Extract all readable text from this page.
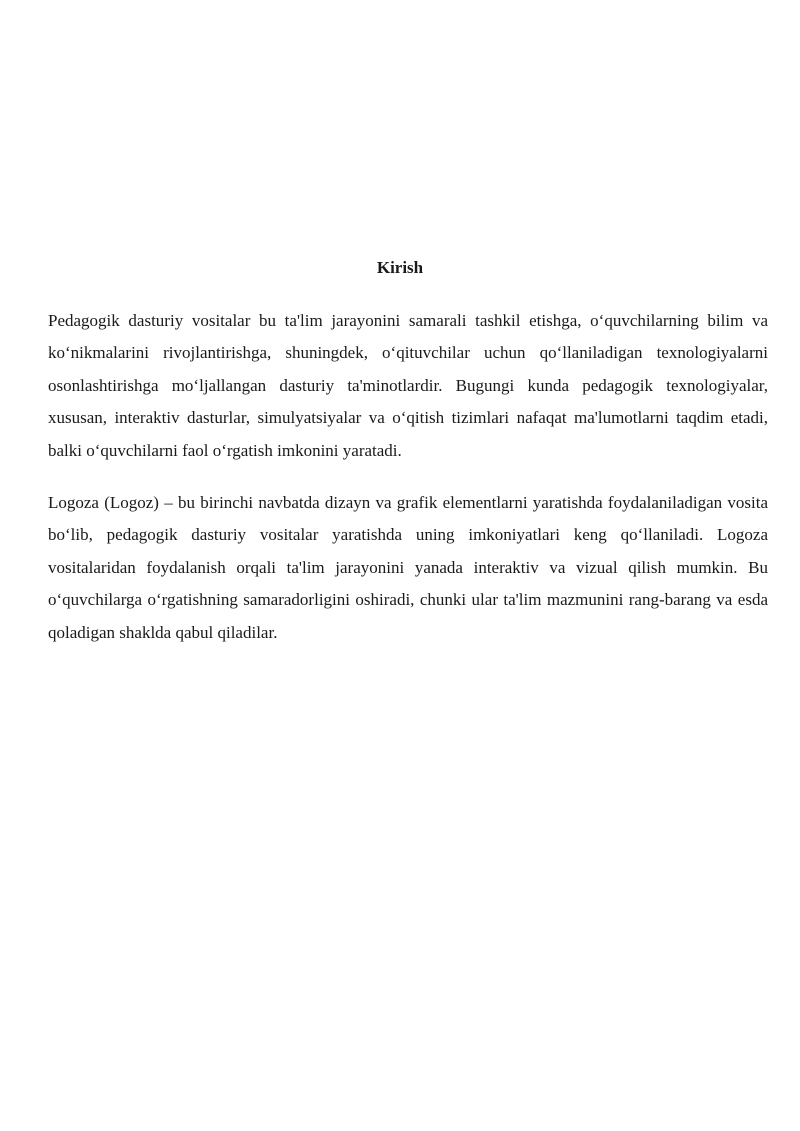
Kirish

Pedagogik dasturiy vositalar bu ta'lim jarayonini samarali tashkil etishga, o‘quvchilarning bilim va ko‘nikmalarini rivojlantirishga, shuningdek, o‘qituvchilar uchun qo‘llaniladigan texnologiyalarni osonlashtirishga mo‘ljallangan dasturiy ta'minotlardir. Bugungi kunda pedagogik texnologiyalar, xususan, interaktiv dasturlar, simulyatsiyalar va o‘qitish tizimlari nafaqat ma'lumotlarni taqdim etadi, balki o‘quvchilarni faol o‘rgatish imkonini yaratadi.

Logoza (Logoz) – bu birinchi navbatda dizayn va grafik elementlarni yaratishda foydalaniladigan vosita bo‘lib, pedagogik dasturiy vositalar yaratishda uning imkoniyatlari keng qo‘llaniladi. Logoza vositalaridan foydalanish orqali ta'lim jarayonini yanada interaktiv va vizual qilish mumkin. Bu o‘quvchilarga o‘rgatishning samaradorligini oshiradi, chunki ular ta'lim mazmunini rang-barang va esda qoladigan shaklda qabul qiladilar.
